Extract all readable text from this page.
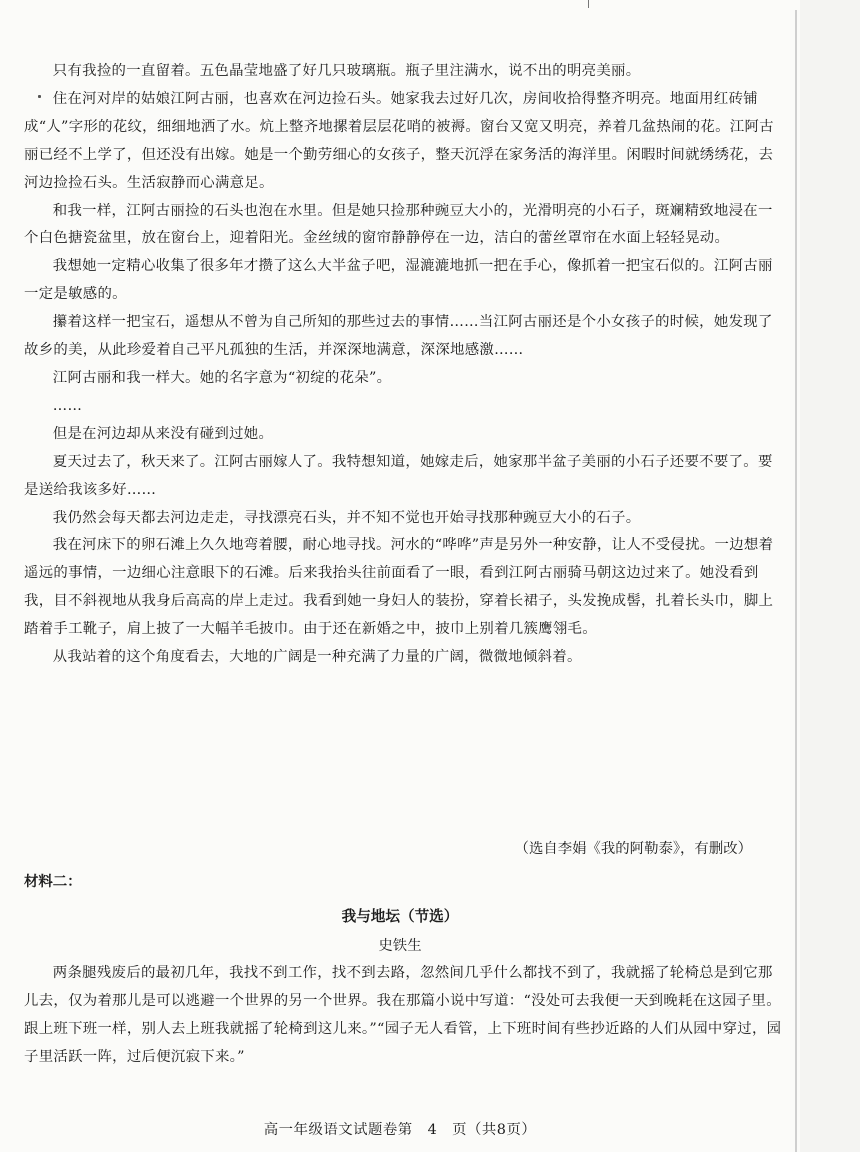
只有我捡的一直留着。五色晶莹地盛了好几只玻璃瓶。瓶子里注满水，说不出的明亮美丽。

住在河对岸的姑娘江阿古丽，也喜欢在河边捡石头。她家我去过好几次，房间收拾得整齐明亮。地面用红砖铺成“人”字形的花纹，细细地洒了水。炕上整齐地摞着层层花哨的被褥。窗台又宽又明亮，养着几盆热闹的花。江阿古丽已经不上学了，但还没有出嫁。她是一个勤劳细心的女孩子，整天沉浮在家务活的海洋里。闲暇时间就绣绣花，去河边捡捡石头。生活寂静而心满意足。

和我一样，江阿古丽捡的石头也泡在水里。但是她只捡那种豌豆大小的，光滑明亮的小石子，斑斓精致地浸在一个白色搪瓷盆里，放在窗台上，迎着阳光。金丝绒的窗帘静静停在一边，洁白的蕾丝罩帘在水面上轻轻晃动。

我想她一定精心收集了很多年才攒了这么大半盆子吧，湿漉漉地抓一把在手心，像抓着一把宝石似的。江阿古丽一定是敏感的。

攥着这样一把宝石，遥想从不曾为自己所知的那些过去的事情……当江阿古丽还是个小女孩子的时候，她发现了故乡的美，从此珍爱着自己平凡孤独的生活，并深深地满意，深深地感激……

江阿古丽和我一样大。她的名字意为“初绽的花朵”。

……

但是在河边却从来没有碰到过她。

夏天过去了，秋天来了。江阿古丽嫁人了。我特想知道，她嫁走后，她家那半盆子美丽的小石子还要不要了。要是送给我该多好……

我仍然会每天都去河边走走，寻找漂亮石头，并不知不觉也开始寻找那种豌豆大小的石子。

我在河床下的卵石滩上久久地弯着腰，耐心地寻找。河水的“哗哗”声是另外一种安静，让人不受侵扰。一边想着遥远的事情，一边细心注意眼下的石滩。后来我抬头往前面看了一眼，看到江阿古丽骑马朝这边过来了。她没看到我，目不斜视地从我身后高高的岸上走过。我看到她一身妇人的装扮，穿着长裙子，头发挽成髻，扎着长头巾，脚上踏着手工靴子，肩上披了一大幅羊毛披巾。由于还在新婚之中，披巾上别着几簇鹰翎毛。

从我站着的这个角度看去，大地的广阔是一种充满了力量的广阔，微微地倾斜着。

（选自李娟《我的阿勒泰》，有删改）
材料二：
我与地坛（节选）
史铁生

两条腿残废后的最初几年，我找不到工作，找不到去路，忽然间几乎什么都找不到了，我就摇了轮椅总是到它那儿去，仅为着那儿是可以逃避一个世界的另一个世界。我在那篇小说中写道：“没处可去我便一天到晚耗在这园子里。跟上班下班一样，别人去上班我就摇了轮椅到这儿来。”“园子无人看管，上下班时间有些抄近路的人们从园中穿过，园子里活跃一阵，过后便沉寂下来。”

高一年级语文试题卷第　4　页（共8页）
